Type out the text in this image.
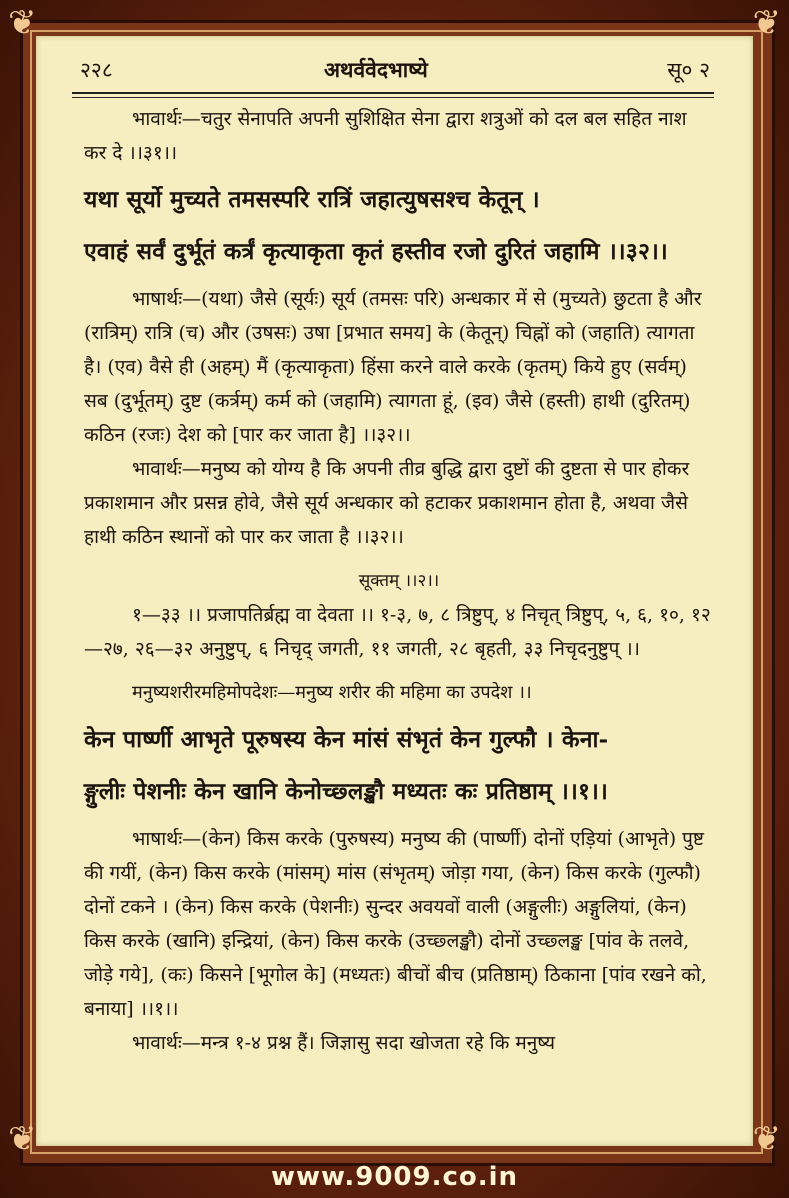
❦	❦
❦	❦
२२८	अथर्ववेदभाष्ये	सू० २

भावार्थः—चतुर सेनापति अपनी सुशिक्षित सेना द्वारा शत्रुओं को दल बल सहित नाश कर दे ।।३१।।

यथा सूर्यो मुच्यते तमसस्परि रात्रिं जहात्युषसश्च केतून् ।

एवाहं सर्वं दुर्भूतं कर्त्रं कृत्याकृता कृतं हस्तीव रजो दुरितं जहामि ।।३२।।

भाषार्थः—(यथा) जैसे (सूर्यः) सूर्य (तमसः परि) अन्धकार में से (मुच्यते) छुटता है और (रात्रिम्) रात्रि (च) और (उषसः) उषा [प्रभात समय] के (केतून्) चिह्नों को (जहाति) त्यागता है। (एव) वैसे ही (अहम्) मैं (कृत्याकृता) हिंसा करने वाले करके (कृतम्) किये हुए (सर्वम्) सब (दुर्भूतम्) दुष्ट (कर्त्रम्) कर्म को (जहामि) त्यागता हूं, (इव) जैसे (हस्ती) हाथी (दुरितम्) कठिन (रजः) देश को [पार कर जाता है] ।।३२।।

भावार्थः—मनुष्य को योग्य है कि अपनी तीव्र बुद्धि द्वारा दुष्टों की दुष्टता से पार होकर प्रकाशमान और प्रसन्न होवे, जैसे सूर्य अन्धकार को हटाकर प्रकाशमान होता है, अथवा जैसे हाथी कठिन स्थानों को पार कर जाता है ।।३२।।

सूक्तम् ।।२।।

१—३३ ।। प्रजापतिर्ब्रह्म वा देवता ।। १-३, ७, ८ त्रिष्टुप्, ४ निचृत् त्रिष्टुप्, ५, ६, १०, १२—२७, २६—३२ अनुष्टुप्, ६ निचृद् जगती, ११ जगती, २८ बृहती, ३३ निचृदनुष्टुप् ।।

मनुष्यशरीरमहिमोपदेशः—मनुष्य शरीर की महिमा का उपदेश ।।

केन पार्ष्णी आभृते पूरुषस्य केन मांसं संभृतं केन गुल्फौ । केना-

ङ्गुलीः पेशनीः केन खानि केनोच्छ्लङ्खौ मध्यतः कः प्रतिष्ठाम् ।।१।।

भाषार्थः—(केन) किस करके (पुरुषस्य) मनुष्य की (पार्ष्णी) दोनों एड़ियां (आभृते) पुष्ट की गयीं, (केन) किस करके (मांसम्) मांस (संभृतम्) जोड़ा गया, (केन) किस करके (गुल्फौ) दोनों टकने । (केन) किस करके (पेशनीः) सुन्दर अवयवों वाली (अङ्गुलीः) अङ्गुलियां, (केन) किस करके (खानि) इन्द्रियां, (केन) किस करके (उच्छ्लङ्खौ) दोनों उच्छ्लङ्ख [पांव के तलवे, जोड़े गये], (कः) किसने [भूगोल के] (मध्यतः) बीचों बीच (प्रतिष्ठाम्) ठिकाना [पांव रखने को, बनाया] ।।१।।

भावार्थः—मन्त्र १-४ प्रश्न हैं। जिज्ञासु सदा खोजता रहे कि मनुष्य

www.9009.co.in
